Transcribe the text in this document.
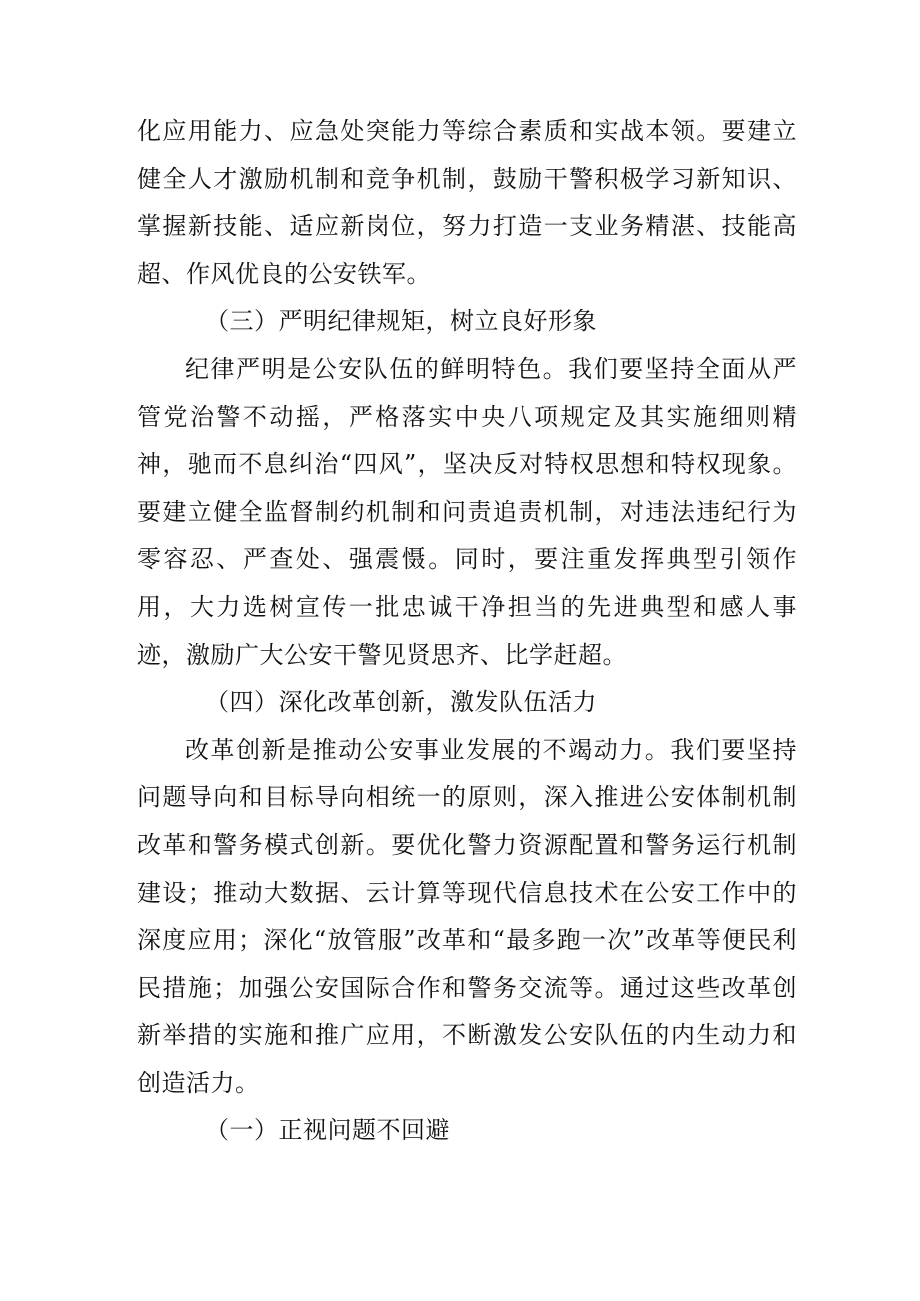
化应用能力、应急处突能力等综合素质和实战本领。要建立健全人才激励机制和竞争机制，鼓励干警积极学习新知识、掌握新技能、适应新岗位，努力打造一支业务精湛、技能高超、作风优良的公安铁军。

（三）严明纪律规矩，树立良好形象

纪律严明是公安队伍的鲜明特色。我们要坚持全面从严管党治警不动摇，严格落实中央八项规定及其实施细则精神，驰而不息纠治“四风”，坚决反对特权思想和特权现象。要建立健全监督制约机制和问责追责机制，对违法违纪行为零容忍、严查处、强震慑。同时，要注重发挥典型引领作用，大力选树宣传一批忠诚干净担当的先进典型和感人事迹，激励广大公安干警见贤思齐、比学赶超。

（四）深化改革创新，激发队伍活力

改革创新是推动公安事业发展的不竭动力。我们要坚持问题导向和目标导向相统一的原则，深入推进公安体制机制改革和警务模式创新。要优化警力资源配置和警务运行机制建设；推动大数据、云计算等现代信息技术在公安工作中的深度应用；深化“放管服”改革和“最多跑一次”改革等便民利民措施；加强公安国际合作和警务交流等。通过这些改革创新举措的实施和推广应用，不断激发公安队伍的内生动力和创造活力。

（一）正视问题不回避
